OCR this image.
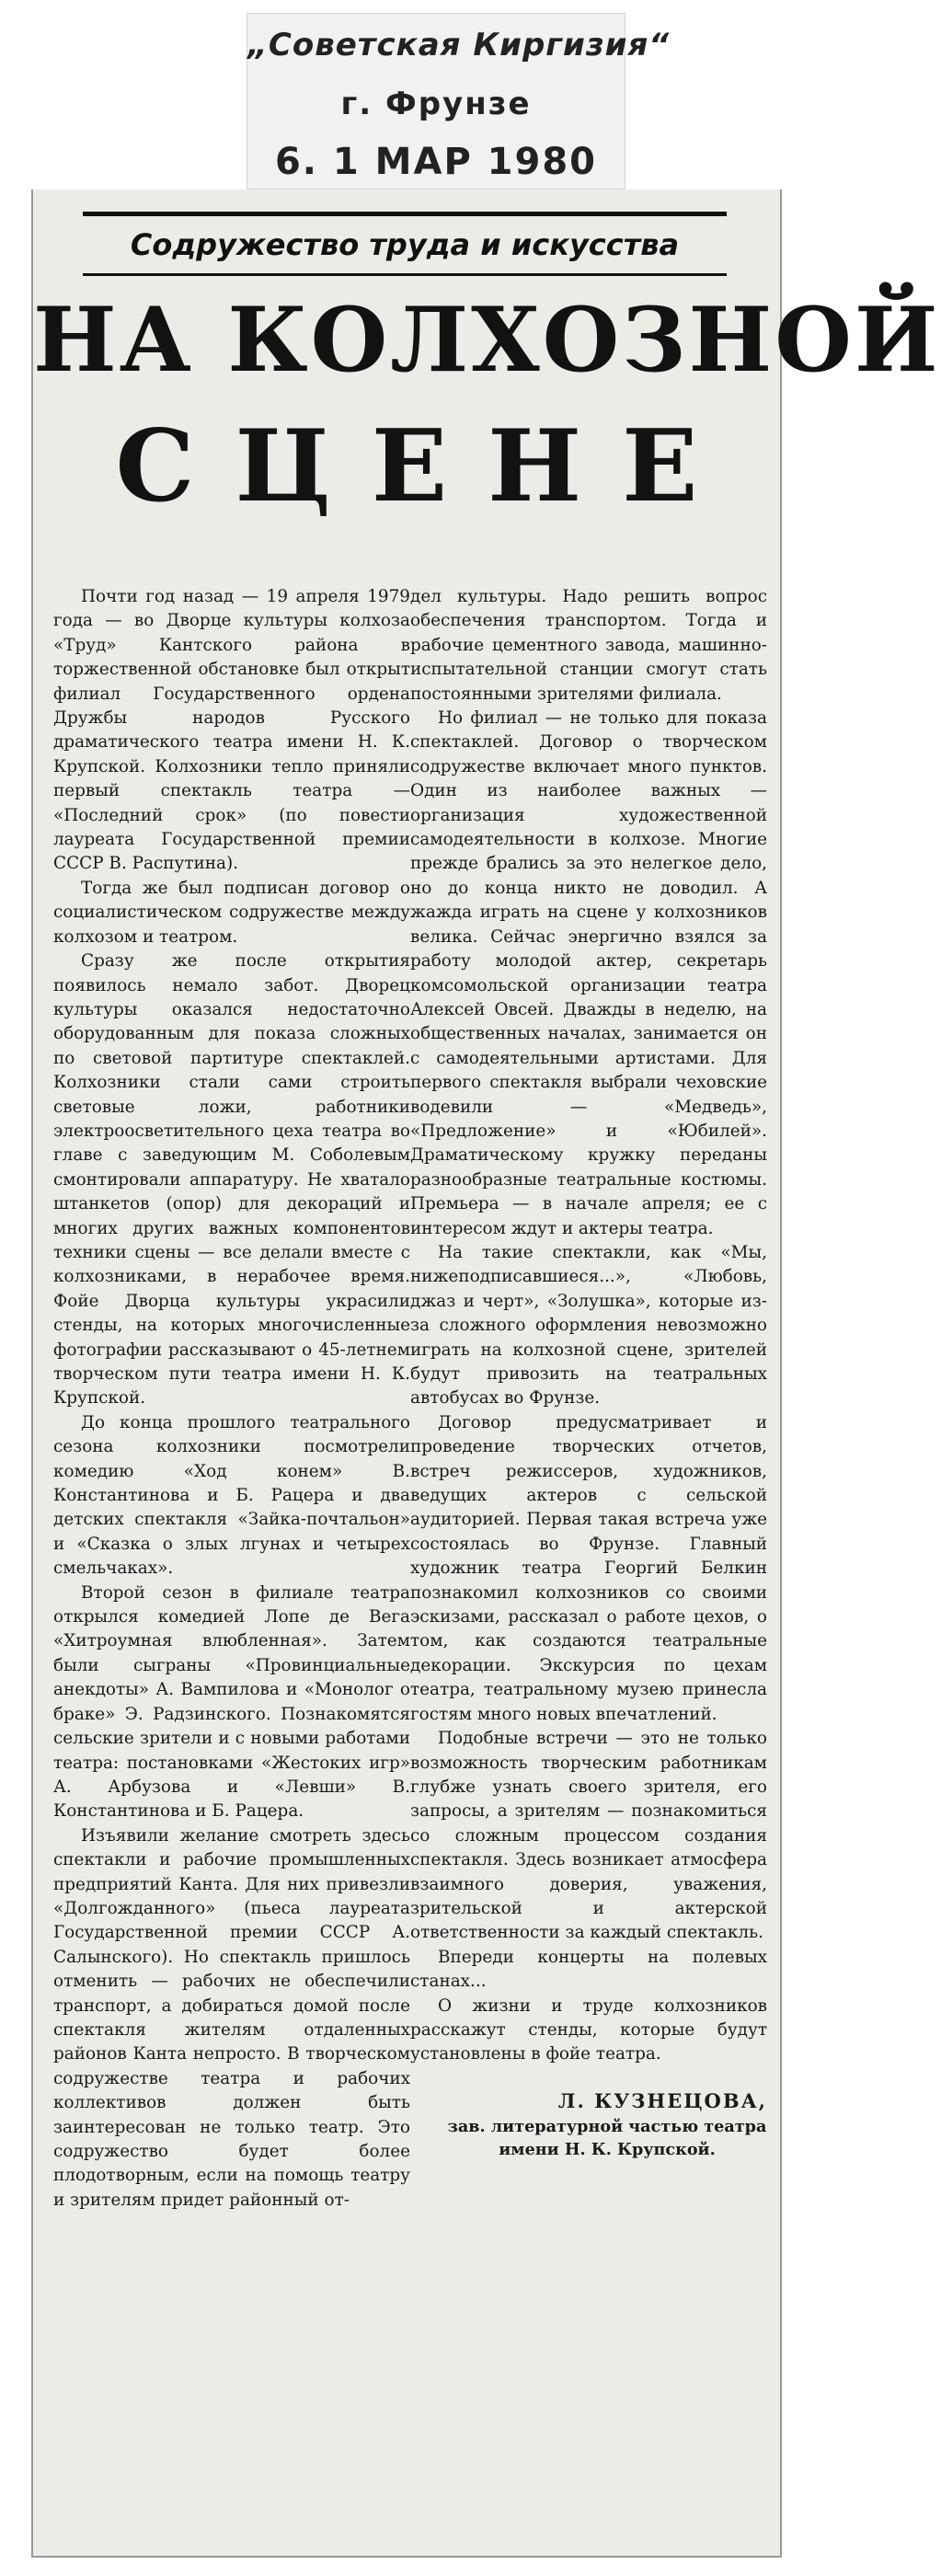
„Советская Киргизия“
г. Фрунзе
6. 1 МАР 1980
Содружество труда и искусства
НА КОЛХОЗНОЙ
СЦЕНЕ

Почти год назад — 19 апреля 1979 года — во Дворце культуры колхоза «Труд» Кантского района в торжественной обстановке был открыт филиал Государственного ордена Дружбы народов Русского драматического театра имени Н. К. Крупской. Колхозники тепло приняли первый спектакль театра — «Последний срок» (по повести лауреата Государственной премии СССР В. Распутина).

Тогда же был подписан договор о социалистическом содружестве между колхозом и театром.

Сразу же после открытия появилось немало забот. Дворец культуры оказался недостаточно оборудованным для показа сложных по световой партитуре спектаклей. Колхозники стали сами строить световые ложи, работники электроосветительного цеха театра во главе с заведующим М. Соболевым смонтировали аппаратуру. Не хватало штанкетов (опор) для декораций и многих других важных компонентов техники сцены — все делали вместе с колхозниками, в нерабочее время. Фойе Дворца культуры украсили стенды, на которых многочисленные фотографии рассказывают о 45-летнем творческом пути театра имени Н. К. Крупской.

До конца прошлого театрального сезона колхозники посмотрели комедию «Ход конем» В. Константинова и Б. Рацера и два детских спектакля «Зайка-почтальон» и «Сказка о злых лгунах и четырех смельчаках».

Второй сезон в филиале театра открылся комедией Лопе де Вега «Хитроумная влюбленная». Затем были сыграны «Провинциальные анекдоты» А. Вампилова и «Монолог о браке» Э. Радзинского. Познакомятся сельские зрители и с новыми работами театра: постановками «Жестоких игр» А. Арбузова и «Левши» В. Константинова и Б. Рацера.

Изъявили желание смотреть здесь спектакли и рабочие промышленных предприятий Канта. Для них привезли «Долгожданного» (пьеса лауреата Государственной премии СССР А. Салынского). Но спектакль пришлось отменить — рабочих не обеспечили транспорт, а добираться домой после спектакля жителям отдаленных районов Канта непросто. В творческом содружестве театра и рабочих коллективов должен быть заинтересован не только театр. Это содружество будет более плодотворным, если на помощь театру и зрителям придет районный от-

дел культуры. Надо решить вопрос обеспечения транспортом. Тогда и рабочие цементного завода, машинно-испытательной станции смогут стать постоянными зрителями филиала.

Но филиал — не только для показа спектаклей. Договор о творческом содружестве включает много пунктов. Один из наиболее важных — организация художественной самодеятельности в колхозе. Многие прежде брались за это нелегкое дело, но до конца никто не доводил. А жажда играть на сцене у колхозников велика. Сейчас энергично взялся за работу молодой актер, секретарь комсомольской организации театра Алексей Овсей. Дважды в неделю, на общественных началах, занимается он с самодеятельными артистами. Для первого спектакля выбрали чеховские водевили — «Медведь», «Предложение» и «Юбилей». Драматическому кружку переданы разнообразные театральные костюмы. Премьера — в начале апреля; ее с интересом ждут и актеры театра.

На такие спектакли, как «Мы, нижеподписавшиеся...», «Любовь, джаз и черт», «Золушка», которые из-за сложного оформления невозможно играть на колхозной сцене, зрителей будут привозить на театральных автобусах во Фрунзе.

Договор предусматривает и проведение творческих отчетов, встреч режиссеров, художников, ведущих актеров с сельской аудиторией. Первая такая встреча уже состоялась во Фрунзе. Главный художник театра Георгий Белкин познакомил колхозников со своими эскизами, рассказал о работе цехов, о том, как создаются театральные декорации. Экскурсия по цехам театра, театральному музею принесла гостям много новых впечатлений.

Подобные встречи — это не только возможность творческим работникам глубже узнать своего зрителя, его запросы, а зрителям — познакомиться со сложным процессом создания спектакля. Здесь возникает атмосфера взаимного доверия, уважения, зрительской и актерской ответственности за каждый спектакль.

Впереди концерты на полевых станах...

О жизни и труде колхозников расскажут стенды, которые будут установлены в фойе театра.

Л. КУЗНЕЦОВА,
зав. литературной частью театра имени Н. К. Крупской.
